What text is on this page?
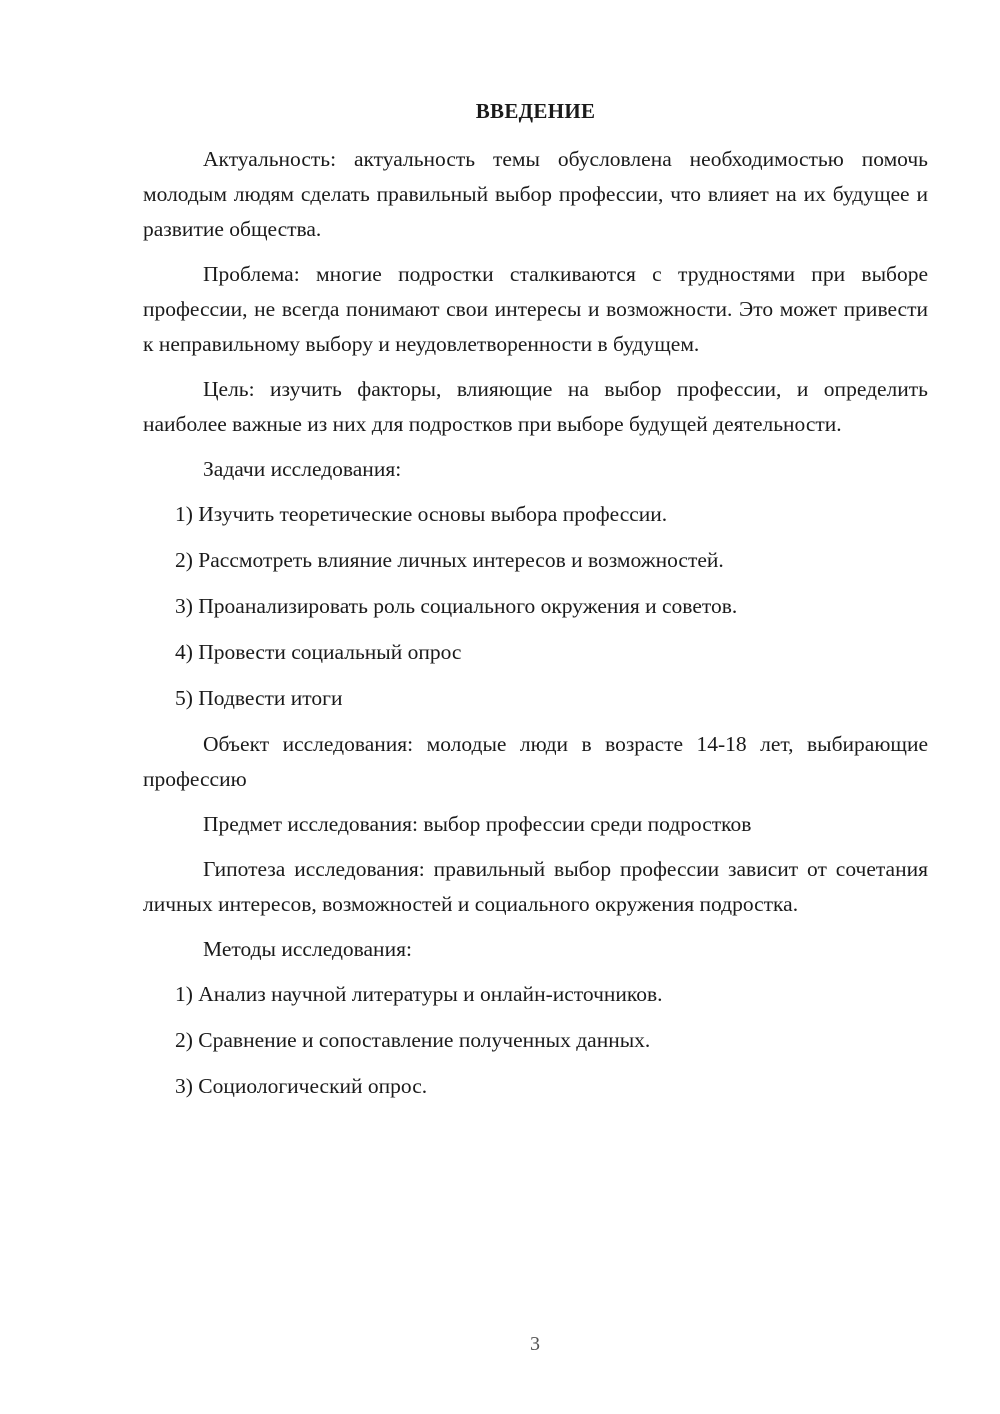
ВВЕДЕНИЕ

Актуальность: актуальность темы обусловлена необходимостью помочь молодым людям сделать правильный выбор профессии, что влияет на их будущее и развитие общества.

Проблема: многие подростки сталкиваются с трудностями при выборе профессии, не всегда понимают свои интересы и возможности. Это может привести к неправильному выбору и неудовлетворенности в будущем.

Цель: изучить факторы, влияющие на выбор профессии, и определить наиболее важные из них для подростков при выборе будущей деятельности.

Задачи исследования:

1) Изучить теоретические основы выбора профессии.
2) Рассмотреть влияние личных интересов и возможностей.
3) Проанализировать роль социального окружения и советов.
4) Провести социальный опрос
5) Подвести итоги

Объект исследования: молодые люди в возрасте 14-18 лет, выбирающие профессию

Предмет исследования: выбор профессии среди подростков

Гипотеза исследования: правильный выбор профессии зависит от сочетания личных интересов, возможностей и социального окружения подростка.

Методы исследования:

1) Анализ научной литературы и онлайн-источников.
2) Сравнение и сопоставление полученных данных.
3) Социологический опрос.
3
